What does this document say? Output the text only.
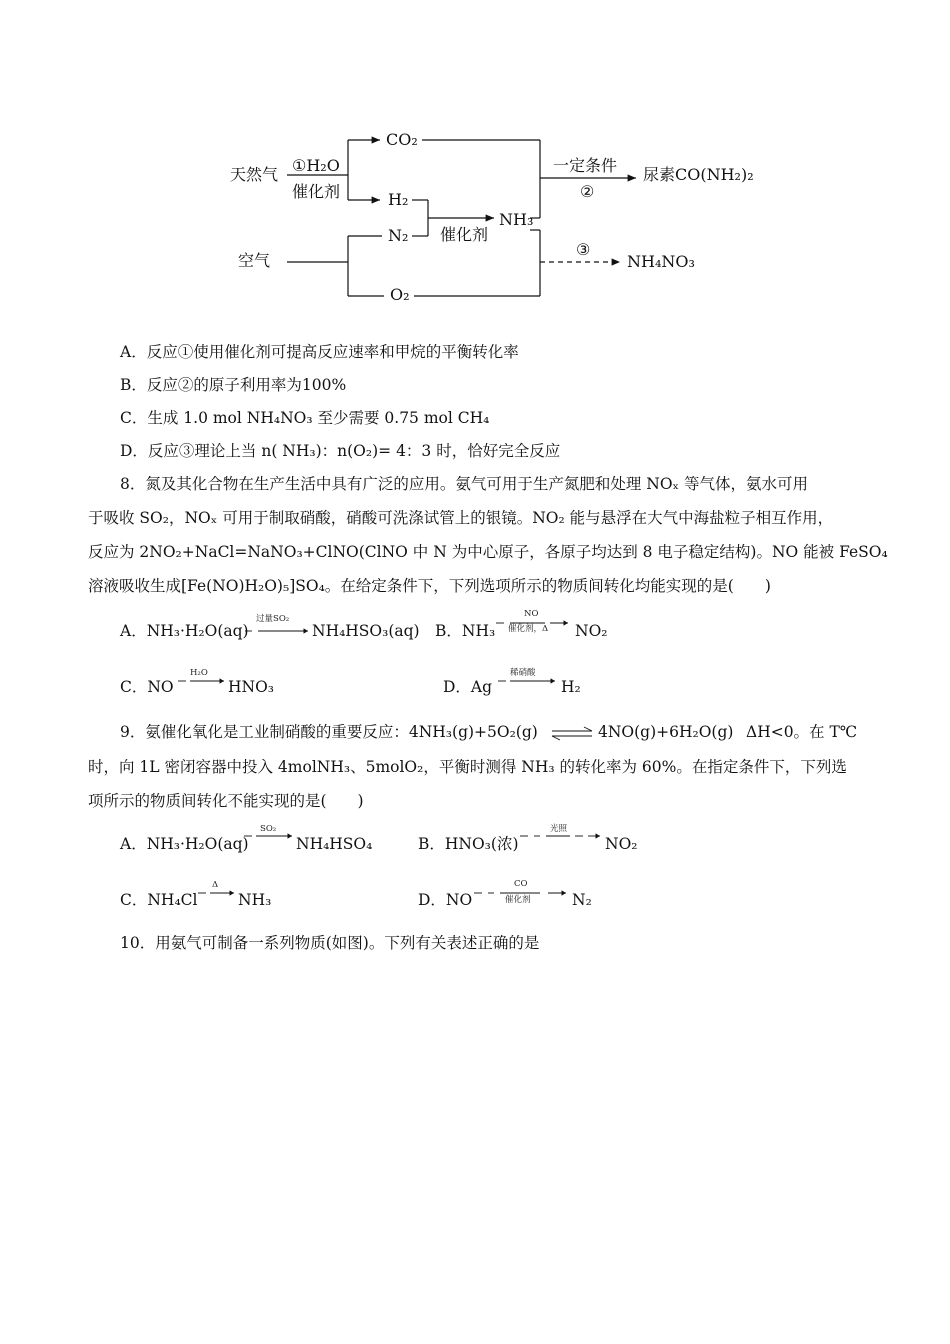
天然气 ①H₂O
催化剂
CO₂
H₂
N₂
O₂
空气
催化剂
NH₃
一定条件
②
尿素CO(NH₂)₂
③
NH₄NO₃
A．反应①使用催化剂可提高反应速率和甲烷的平衡转化率
B．反应②的原子利用率为100%
C．生成 1.0 mol NH₄NO₃ 至少需要 0.75 mol CH₄
D．反应③理论上当 n( NH₃)：n(O₂)= 4：3 时，恰好完全反应
8．氮及其化合物在生产生活中具有广泛的应用。氨气可用于生产氮肥和处理 NOₓ 等气体，氨水可用
于吸收 SO₂，NOₓ 可用于制取硝酸，硝酸可洗涤试管上的银镜。NO₂ 能与悬浮在大气中海盐粒子相互作用，
反应为 2NO₂+NaCl=NaNO₃+ClNO(ClNO 中 N 为中心原子，各原子均达到 8 电子稳定结构)。NO 能被 FeSO₄
溶液吸收生成[Fe(NO)H₂O)₅]SO₄。在给定条件下，下列选项所示的物质间转化均能实现的是(　　)
A．NH₃·H₂O(aq)
过量SO₂
NH₄HSO₃(aq) B．NH₃
NO
催化剂，Δ NO₂
C．NO
H₂O
HNO₃	D．Ag
稀硝酸
H₂
9．氨催化氧化是工业制硝酸的重要反应：4NH₃(g)+5O₂(g)	4NO(g)+6H₂O(g) ΔH<0。在 T℃
时，向 1L 密闭容器中投入 4molNH₃、5molO₂，平衡时测得 NH₃ 的转化率为 60%。在指定条件下，下列选
项所示的物质间转化不能实现的是(　　)
A．NH₃·H₂O(aq)
SO₂
NH₄HSO₄	B．HNO₃(浓)
光照
NO₂
C．NH₄Cl
Δ
NH₃	D．NO
CO
催化剂	N₂
10．用氨气可制备一系列物质(如图)。下列有关表述正确的是
